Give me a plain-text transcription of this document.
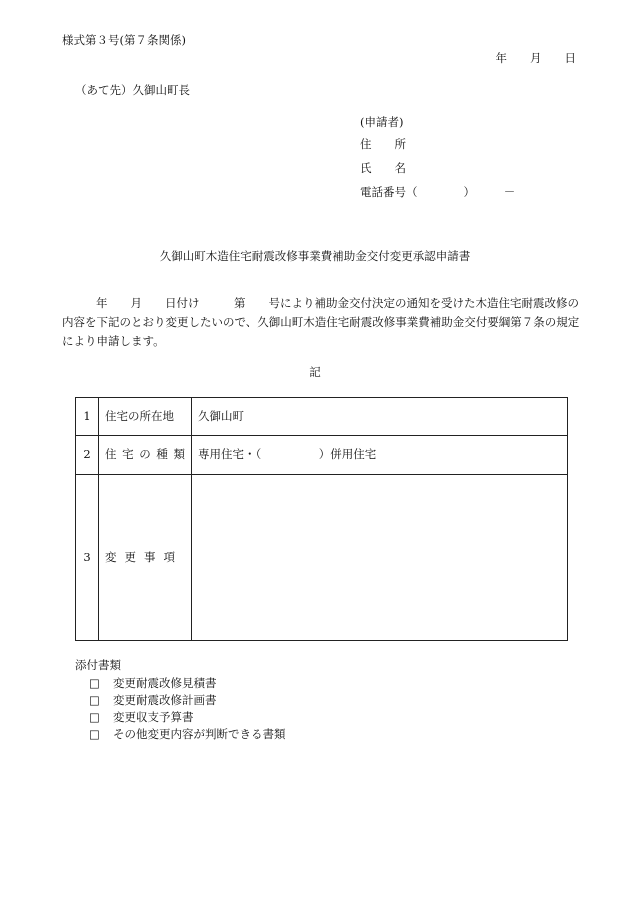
様式第３号(第７条関係)
年　　月　　日
（あて先）久御山町長
(申請者)
住　　所
氏　　名
電話番号（　　　　）　　　－
久御山町木造住宅耐震改修事業費補助金交付変更承認申請書
年　　月　　日付け　　　第　　号により補助金交付決定の通知を受けた木造住宅耐震改修の内容を下記のとおり変更したいので、久御山町木造住宅耐震改修事業費補助金交付要綱第７条の規定により申請します。
記
1	住宅の所在地	久御山町
2	住 宅 の 種 類	専用住宅・（　　　　　）併用住宅
3	変 更 事 項	

添付書類
□ 変更耐震改修見積書
□ 変更耐震改修計画書
□ 変更収支予算書
□ その他変更内容が判断できる書類
